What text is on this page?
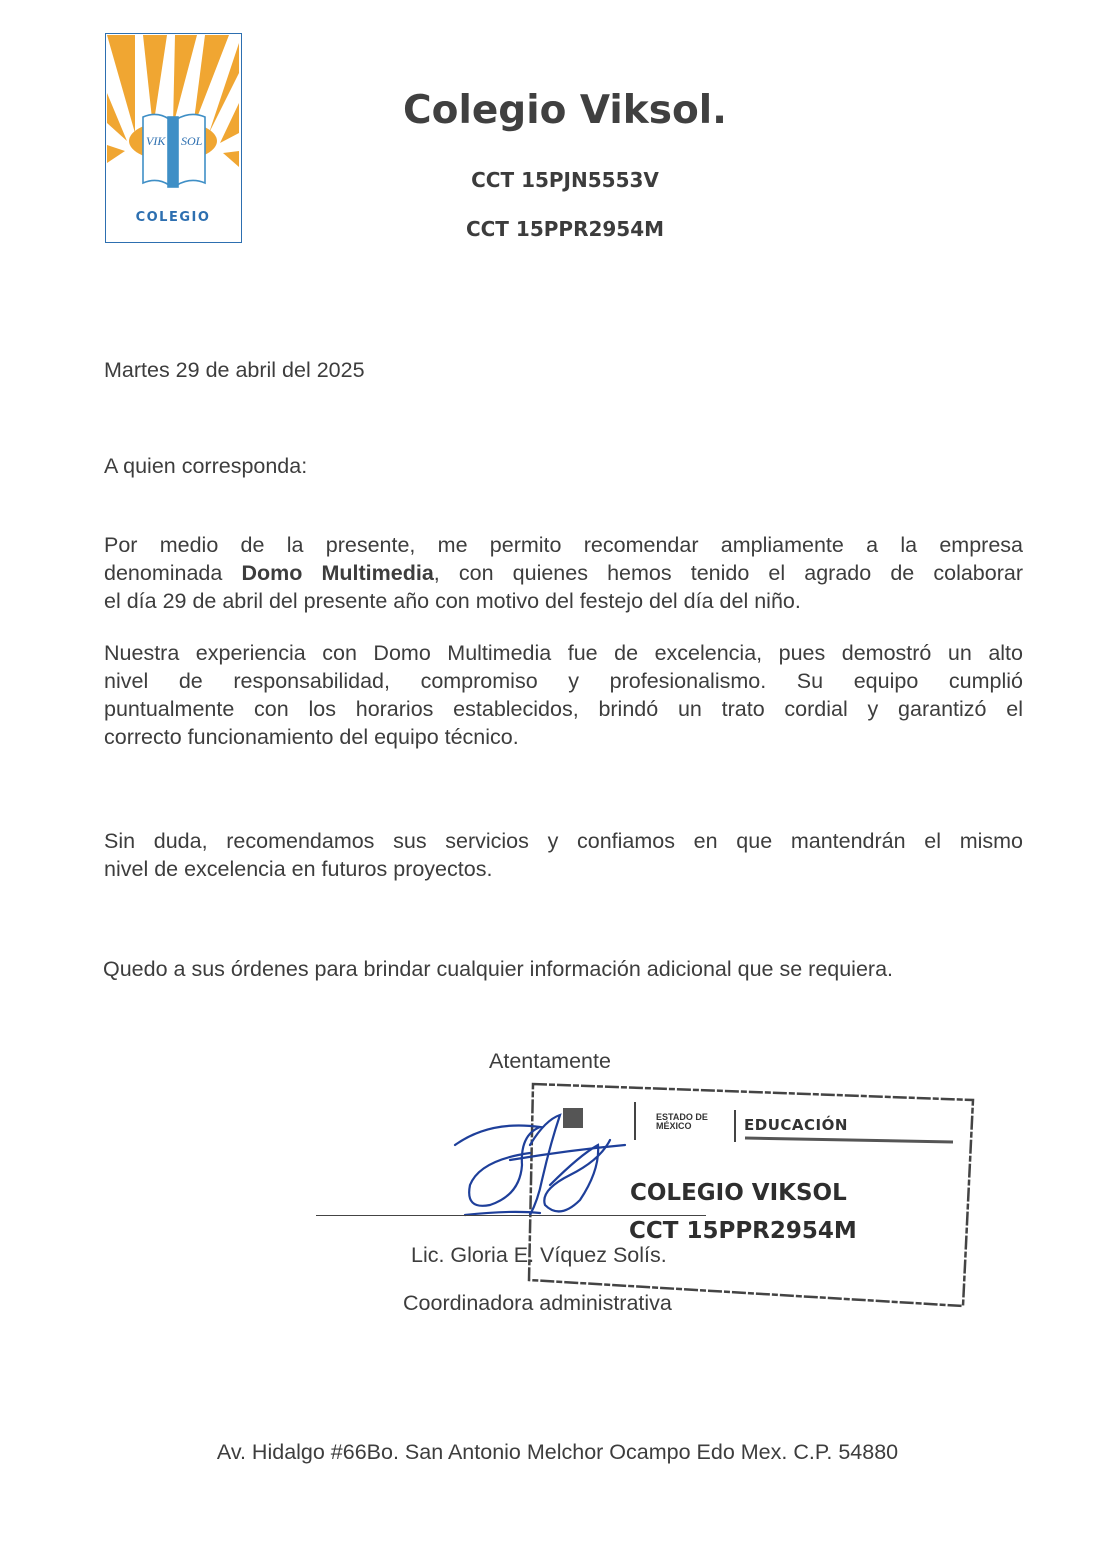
VIK SOL
COLEGIO
Colegio Viksol.
CCT 15PJN5553V
CCT 15PPR2954M
Martes 29 de abril del 2025
A quien corresponda:
Por medio de la presente, me permito recomendar ampliamente a la empresa
denominada Domo Multimedia, con quienes hemos tenido el agrado de colaborar
el día 29 de abril del presente año con motivo del festejo del día del niño.
Nuestra experiencia con Domo Multimedia fue de excelencia, pues demostró un alto
nivel de responsabilidad, compromiso y profesionalismo. Su equipo cumplió
puntualmente con los horarios establecidos, brindó un trato cordial y garantizó el
correcto funcionamiento del equipo técnico.
Sin duda, recomendamos sus servicios y confiamos en que mantendrán el mismo
nivel de excelencia en futuros proyectos.
Quedo a sus órdenes para brindar cualquier información adicional que se requiera.
Atentamente
ESTADO DE
MÉXICO	EDUCACIÓN
COLEGIO VIKSOL
CCT 15PPR2954M
Lic. Gloria E. Víquez Solís.
Coordinadora administrativa
Av. Hidalgo #66Bo. San Antonio Melchor Ocampo Edo Mex. C.P. 54880
